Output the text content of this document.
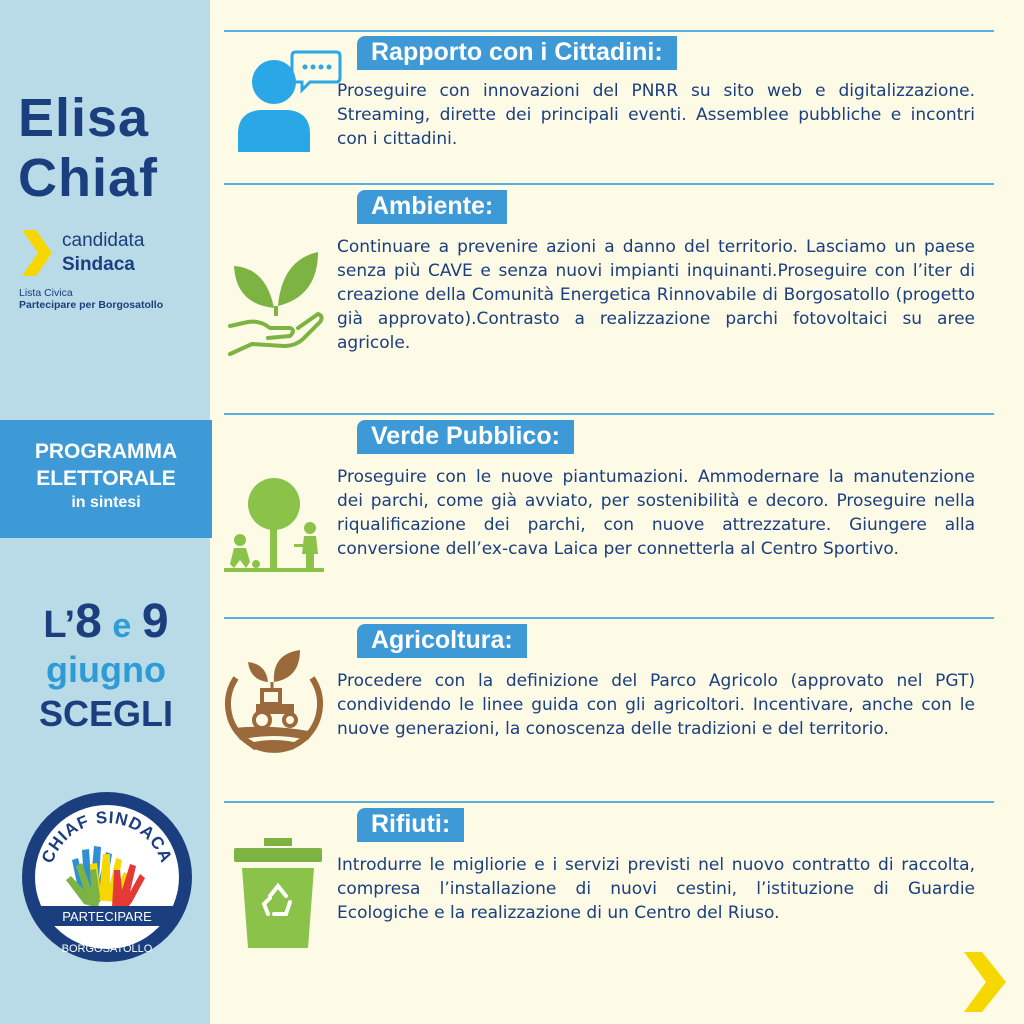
Elisa
Chiaf
candidata
Sindaca
Lista Civica
Partecipare per Borgosatollo
PROGRAMMA
ELETTORALE
in sintesi
L’8 e 9
giugno
SCEGLI
CHIAF SINDACA
PARTECIPARE
PER
BORGOSATOLLO
Rapporto con i Cittadini:
Proseguire con innovazioni del PNRR su sito web e digitalizzazione. Streaming, dirette dei principali eventi. Assemblee pubbliche e incontri con i cittadini.
Ambiente:
Continuare a prevenire azioni a danno del territorio. Lasciamo un paese senza più CAVE e senza nuovi impianti inquinanti.Proseguire con l’iter di creazione della Comunità Energetica Rinnovabile di Borgosatollo (progetto già approvato).Contrasto a realizzazione parchi fotovoltaici su aree agricole.
Verde Pubblico:
Proseguire con le nuove piantumazioni. Ammodernare la manutenzione dei parchi, come già avviato, per sostenibilità e decoro. Proseguire nella riqualificazione dei parchi, con nuove attrezzature. Giungere alla conversione dell’ex-cava Laica per connetterla al Centro Sportivo.
Agricoltura:
Procedere con la definizione del Parco Agricolo (approvato nel PGT) condividendo le linee guida con gli agricoltori. Incentivare, anche con le nuove generazioni, la conoscenza delle tradizioni e del territorio.
Rifiuti:
Introdurre le migliorie e i servizi previsti nel nuovo contratto di raccolta, compresa l’installazione di nuovi cestini, l’istituzione di Guardie Ecologiche e la realizzazione di un Centro del Riuso.
